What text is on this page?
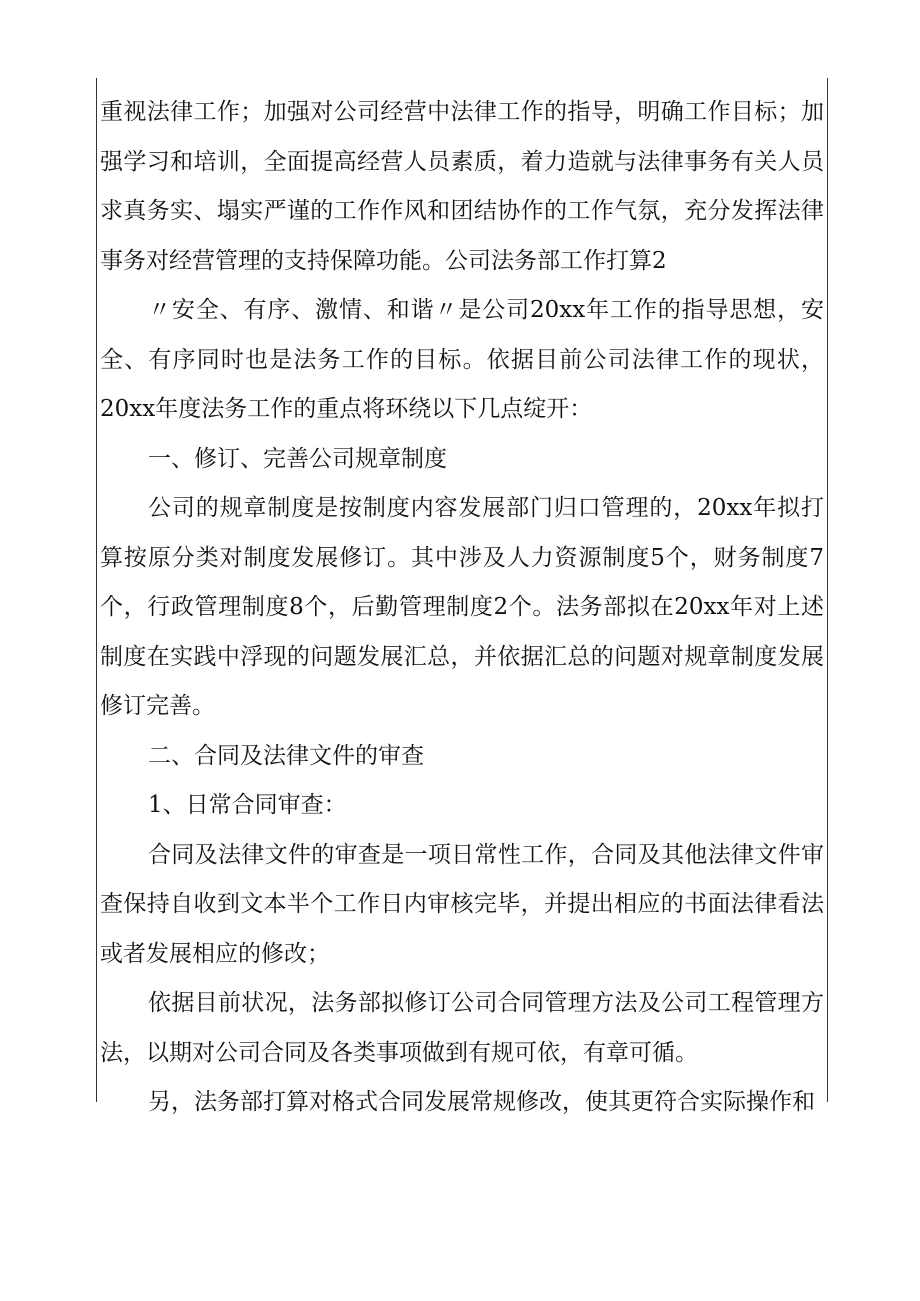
重视法律工作；加强对公司经营中法律工作的指导，明确工作目标；加强学习和培训，全面提高经营人员素质，着力造就与法律事务有关人员求真务实、塌实严谨的工作作风和团结协作的工作气氛，充分发挥法律事务对经营管理的支持保障功能。公司法务部工作打算2

〃安全、有序、激情、和谐〃是公司20xx年工作的指导思想，安全、有序同时也是法务工作的目标。依据目前公司法律工作的现状，20xx年度法务工作的重点将环绕以下几点绽开：

一、修订、完善公司规章制度

公司的规章制度是按制度内容发展部门归口管理的，20xx年拟打算按原分类对制度发展修订。其中涉及人力资源制度5个，财务制度7个，行政管理制度8个，后勤管理制度2个。法务部拟在20xx年对上述制度在实践中浮现的问题发展汇总，并依据汇总的问题对规章制度发展修订完善。

二、合同及法律文件的审查

1、日常合同审查：

合同及法律文件的审查是一项日常性工作，合同及其他法律文件审查保持自收到文本半个工作日内审核完毕，并提出相应的书面法律看法或者发展相应的修改；

依据目前状况，法务部拟修订公司合同管理方法及公司工程管理方法，以期对公司合同及各类事项做到有规可依，有章可循。

另，法务部打算对格式合同发展常规修改，使其更符合实际操作和
